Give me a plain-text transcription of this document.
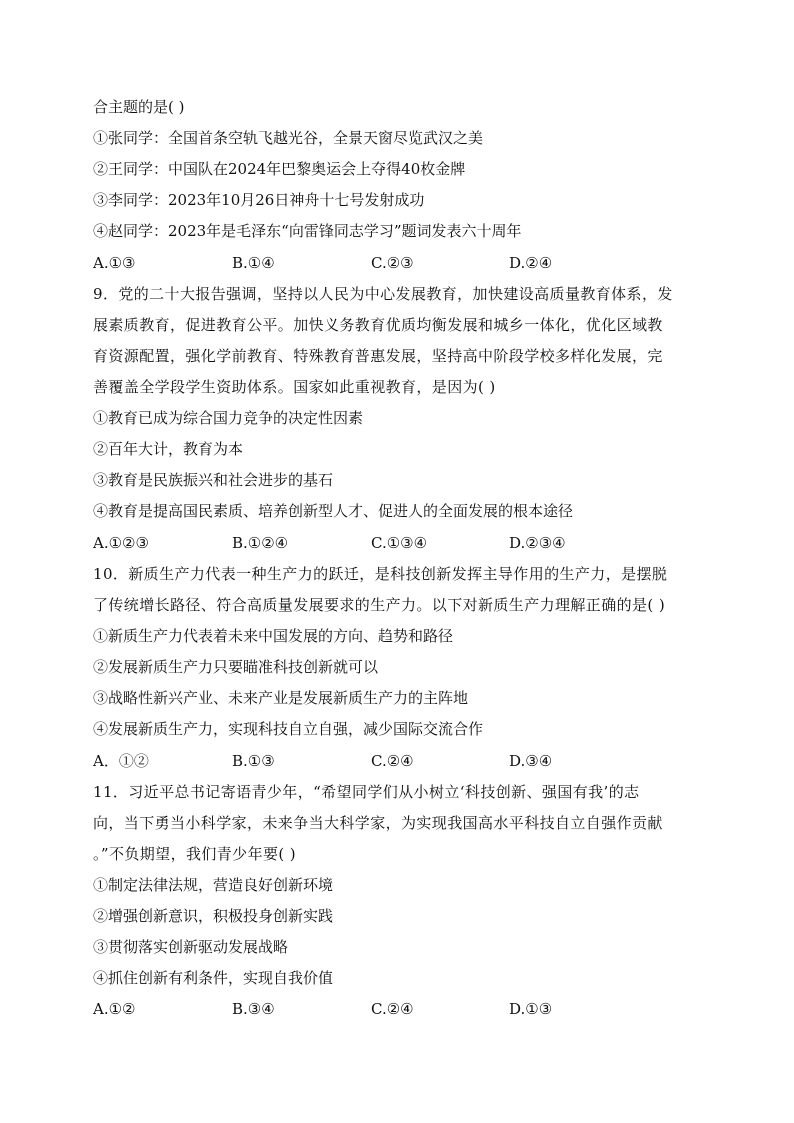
合主题的是( )
①张同学：全国首条空轨飞越光谷，全景天窗尽览武汉之美
②王同学：中国队在2024年巴黎奥运会上夺得40枚金牌
③李同学：2023年10月26日神舟十七号发射成功
④赵同学：2023年是毛泽东“向雷锋同志学习”题词发表六十周年
A.①③	B.①④	C.②③	D.②④
9．党的二十大报告强调，坚持以人民为中心发展教育，加快建设高质量教育体系，发
展素质教育，促进教育公平。加快义务教育优质均衡发展和城乡一体化，优化区域教
育资源配置，强化学前教育、特殊教育普惠发展，坚持高中阶段学校多样化发展，完
善覆盖全学段学生资助体系。国家如此重视教育，是因为( )
①教育已成为综合国力竞争的决定性因素
②百年大计，教育为本
③教育是民族振兴和社会进步的基石
④教育是提高国民素质、培养创新型人才、促进人的全面发展的根本途径
A.①②③	B.①②④	C.①③④	D.②③④
10．新质生产力代表一种生产力的跃迁，是科技创新发挥主导作用的生产力，是摆脱
了传统增长路径、符合高质量发展要求的生产力。以下对新质生产力理解正确的是( )
①新质生产力代表着未来中国发展的方向、趋势和路径
②发展新质生产力只要瞄准科技创新就可以
③战略性新兴产业、未来产业是发展新质生产力的主阵地
④发展新质生产力，实现科技自立自强，减少国际交流合作
A．①②	B.①③	C.②④	D.③④
11．习近平总书记寄语青少年，“希望同学们从小树立‘科技创新、强国有我’的志
向，当下勇当小科学家，未来争当大科学家，为实现我国高水平科技自立自强作贡献
。”不负期望，我们青少年要( )
①制定法律法规，营造良好创新环境
②增强创新意识，积极投身创新实践
③贯彻落实创新驱动发展战略
④抓住创新有利条件，实现自我价值
A.①②	B.③④	C.②④	D.①③
